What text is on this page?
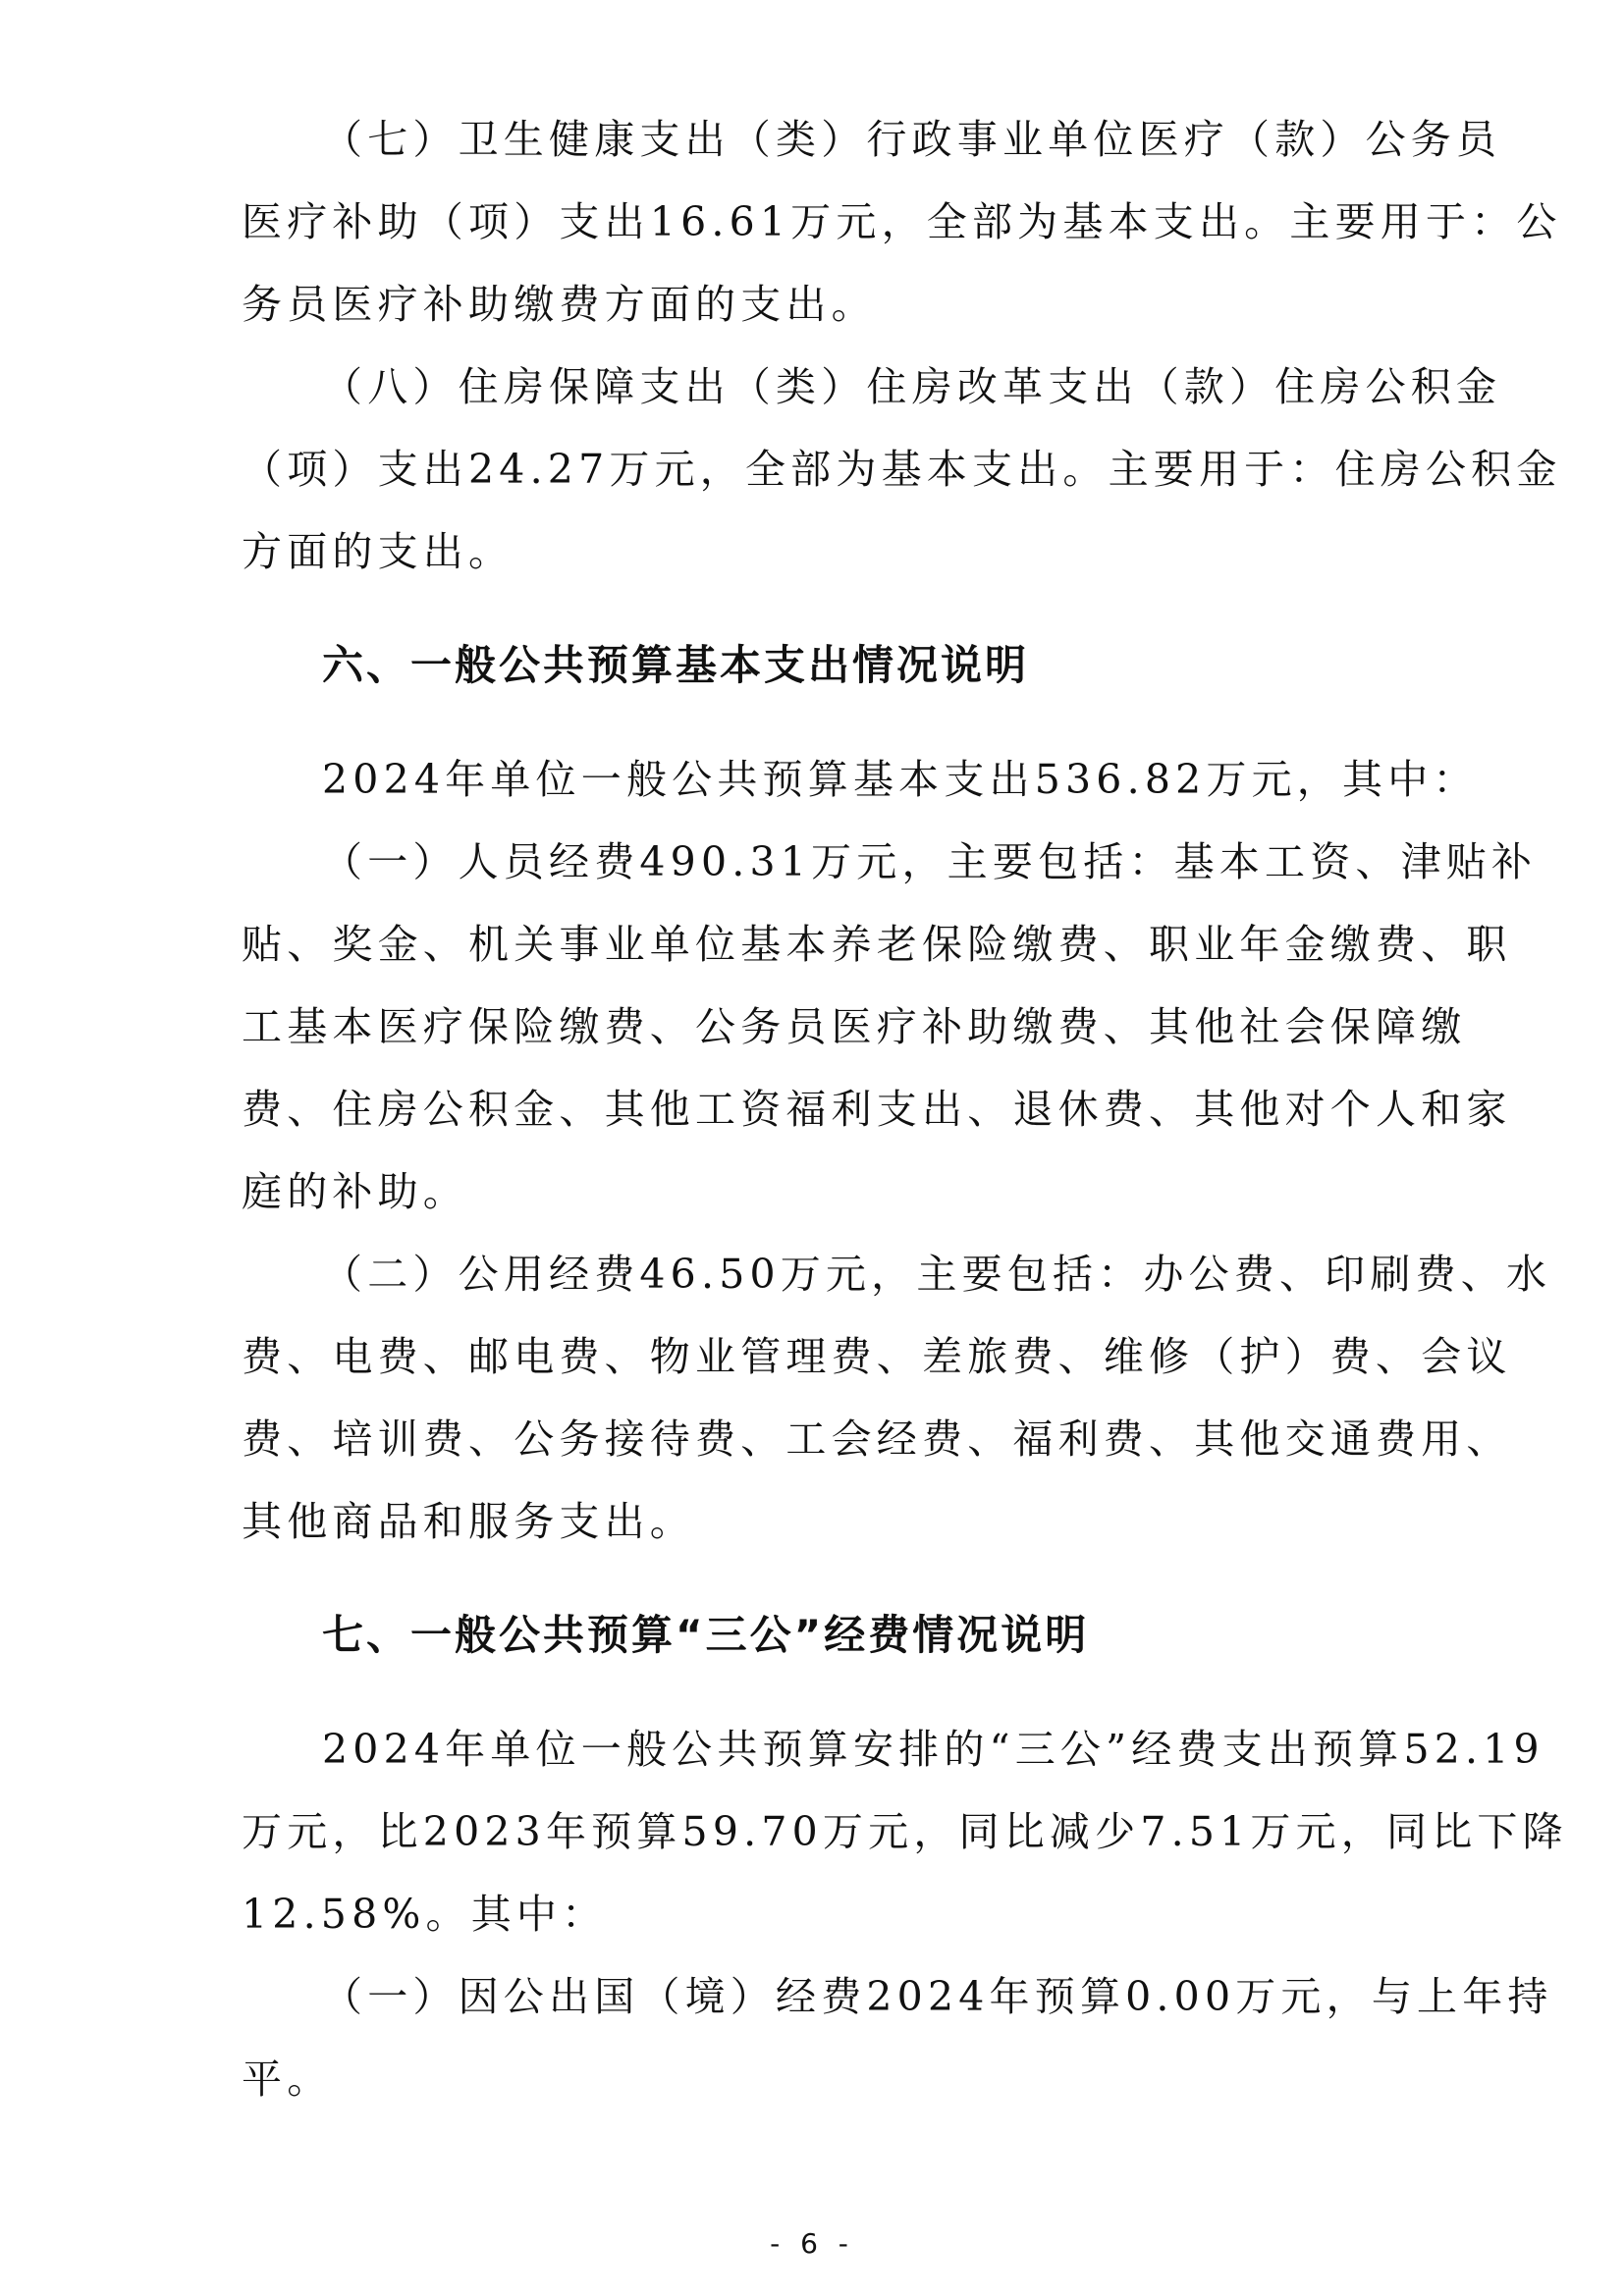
（七）卫生健康支出（类）行政事业单位医疗（款）公务员

医疗补助（项）支出16.61万元，全部为基本支出。主要用于：公

务员医疗补助缴费方面的支出。

（八）住房保障支出（类）住房改革支出（款）住房公积金

（项）支出24.27万元，全部为基本支出。主要用于：住房公积金

方面的支出。

六、一般公共预算基本支出情况说明

2024年单位一般公共预算基本支出536.82万元，其中：

（一）人员经费490.31万元，主要包括：基本工资、津贴补

贴、奖金、机关事业单位基本养老保险缴费、职业年金缴费、职

工基本医疗保险缴费、公务员医疗补助缴费、其他社会保障缴

费、住房公积金、其他工资福利支出、退休费、其他对个人和家

庭的补助。

（二）公用经费46.50万元，主要包括：办公费、印刷费、水

费、电费、邮电费、物业管理费、差旅费、维修（护）费、会议

费、培训费、公务接待费、工会经费、福利费、其他交通费用、

其他商品和服务支出。

七、一般公共预算“三公”经费情况说明

2024年单位一般公共预算安排的“三公”经费支出预算52.19

万元，比2023年预算59.70万元，同比减少7.51万元，同比下降

12.58%。其中：

（一）因公出国（境）经费2024年预算0.00万元，与上年持

平。

- 6 -
